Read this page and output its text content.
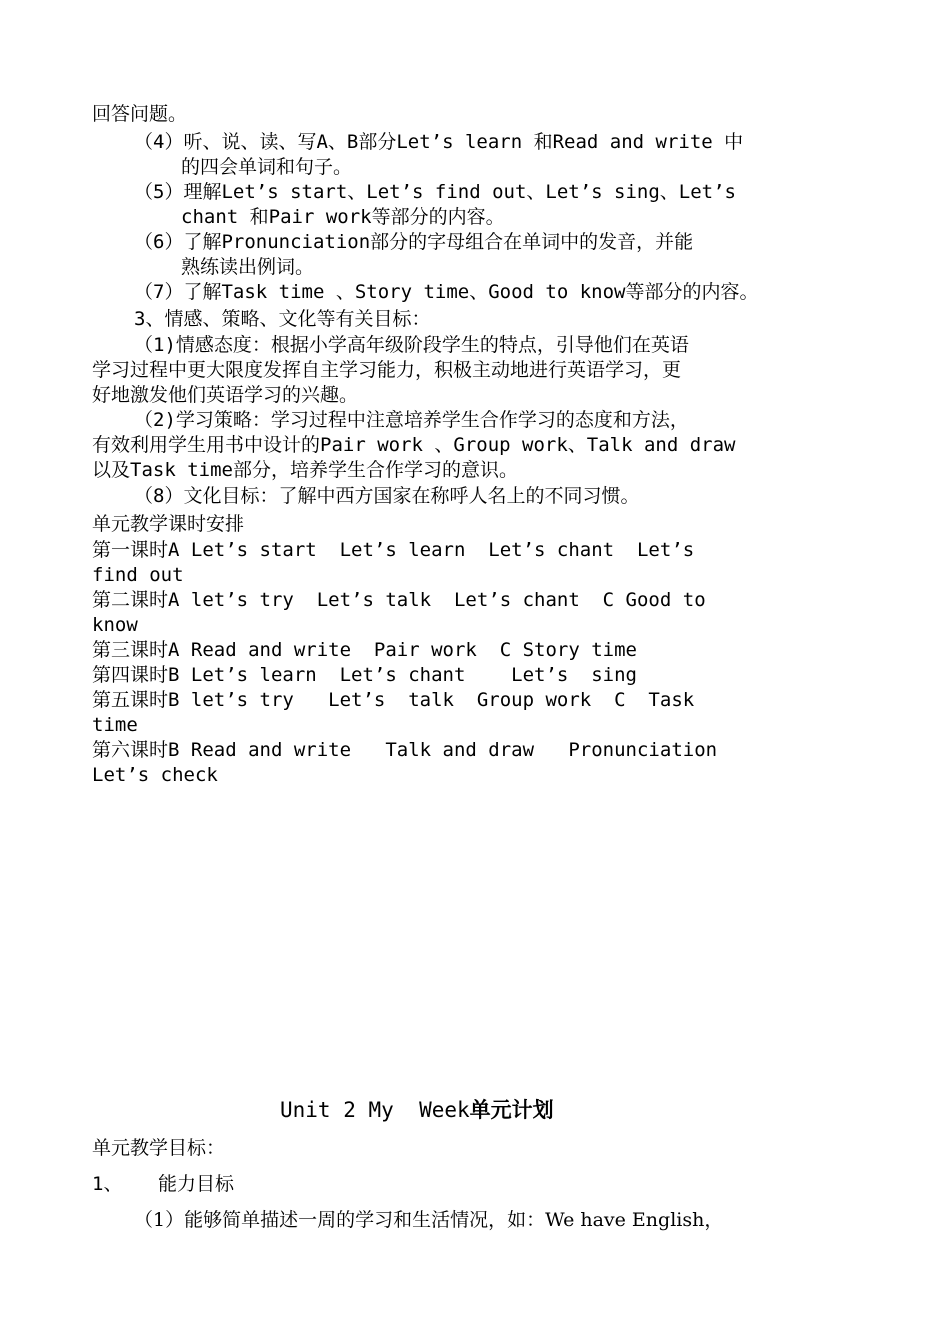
回答问题。
（4）听、说、读、写A、B部分Let’s learn 和Read and write 中
的四会单词和句子。
（5）理解Let’s start、Let’s find out、Let’s sing、Let’s
chant 和Pair work等部分的内容。
（6）了解Pronunciation部分的字母组合在单词中的发音，并能
熟练读出例词。
（7）了解Task time 、Story time、Good to know等部分的内容。
3、情感、策略、文化等有关目标：
（1)情感态度：根据小学高年级阶段学生的特点，引导他们在英语
学习过程中更大限度发挥自主学习能力，积极主动地进行英语学习，更
好地激发他们英语学习的兴趣。
（2)学习策略：学习过程中注意培养学生合作学习的态度和方法，
有效利用学生用书中设计的Pair work 、Group work、Talk and draw
以及Task time部分，培养学生合作学习的意识。
（8）文化目标：了解中西方国家在称呼人名上的不同习惯。
单元教学课时安排
第一课时A Let’s start  Let’s learn  Let’s chant  Let’s
find out
第二课时A let’s try  Let’s talk  Let’s chant  C Good to
know
第三课时A Read and write  Pair work  C Story time
第四课时B Let’s learn  Let’s chant    Let’s  sing
第五课时B let’s try   Let’s  talk  Group work  C  Task
time
第六课时B Read and write   Talk and draw   Pronunciation
Let’s check
Unit 2 My  Week单元计划
单元教学目标：
1、 能力目标
（1）能够简单描述一周的学习和生活情况，如：We have English，
